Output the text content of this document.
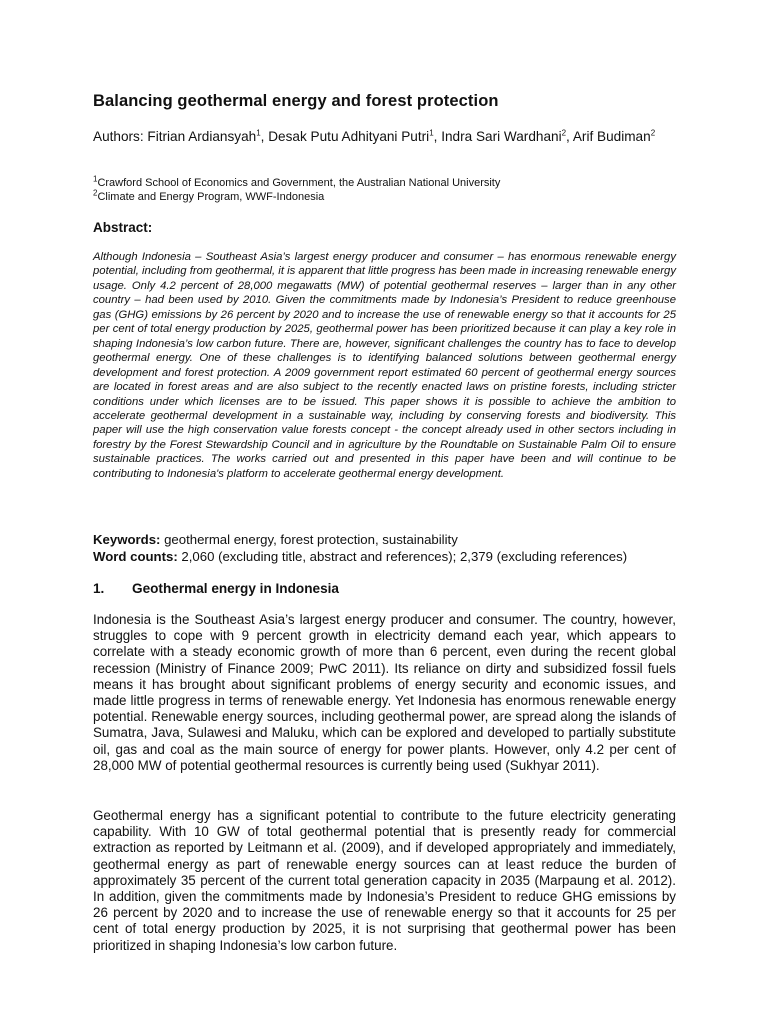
Balancing geothermal energy and forest protection

Authors: Fitrian Ardiansyah$^1$, Desak Putu Adhityani Putri$^1$, Indra Sari Wardhani$^2$, Arif Budiman$^2$

$^1$Crawford School of Economics and Government, the Australian National University
$^2$Climate and Energy Program, WWF-Indonesia
Abstract:

Although Indonesia – Southeast Asia’s largest energy producer and consumer – has enormous renewable energy potential, including from geothermal, it is apparent that little progress has been made in increasing renewable energy usage. Only 4.2 percent of 28,000 megawatts (MW) of potential geothermal reserves – larger than in any other country – had been used by 2010. Given the commitments made by Indonesia’s President to reduce greenhouse gas (GHG) emissions by 26 percent by 2020 and to increase the use of renewable energy so that it accounts for 25 per cent of total energy production by 2025, geothermal power has been prioritized because it can play a key role in shaping Indonesia’s low carbon future. There are, however, significant challenges the country has to face to develop geothermal energy. One of these challenges is to identifying balanced solutions between geothermal energy development and forest protection. A 2009 government report estimated 60 percent of geothermal energy sources are located in forest areas and are also subject to the recently enacted laws on pristine forests, including stricter conditions under which licenses are to be issued. This paper shows it is possible to achieve the ambition to accelerate geothermal development in a sustainable way, including by conserving forests and biodiversity. This paper will use the high conservation value forests concept - the concept already used in other sectors including in forestry by the Forest Stewardship Council and in agriculture by the Roundtable on Sustainable Palm Oil to ensure sustainable practices. The works carried out and presented in this paper have been and will continue to be contributing to Indonesia's platform to accelerate geothermal energy development.

Keywords: geothermal energy, forest protection, sustainability
Word counts: 2,060 (excluding title, abstract and references); 2,379 (excluding references)
1. Geothermal energy in Indonesia

Indonesia is the Southeast Asia’s largest energy producer and consumer. The country, however, struggles to cope with 9 percent growth in electricity demand each year, which appears to correlate with a steady economic growth of more than 6 percent, even during the recent global recession (Ministry of Finance 2009; PwC 2011). Its reliance on dirty and subsidized fossil fuels means it has brought about significant problems of energy security and economic issues, and made little progress in terms of renewable energy. Yet Indonesia has enormous renewable energy potential. Renewable energy sources, including geothermal power, are spread along the islands of Sumatra, Java, Sulawesi and Maluku, which can be explored and developed to partially substitute oil, gas and coal as the main source of energy for power plants. However, only 4.2 per cent of 28,000 MW of potential geothermal resources is currently being used (Sukhyar 2011).

Geothermal energy has a significant potential to contribute to the future electricity generating capability. With 10 GW of total geothermal potential that is presently ready for commercial extraction as reported by Leitmann et al. (2009), and if developed appropriately and immediately, geothermal energy as part of renewable energy sources can at least reduce the burden of approximately 35 percent of the current total generation capacity in 2035 (Marpaung et al. 2012). In addition, given the commitments made by Indonesia’s President to reduce GHG emissions by 26 percent by 2020 and to increase the use of renewable energy so that it accounts for 25 per cent of total energy production by 2025, it is not surprising that geothermal power has been prioritized in shaping Indonesia’s low carbon future.
